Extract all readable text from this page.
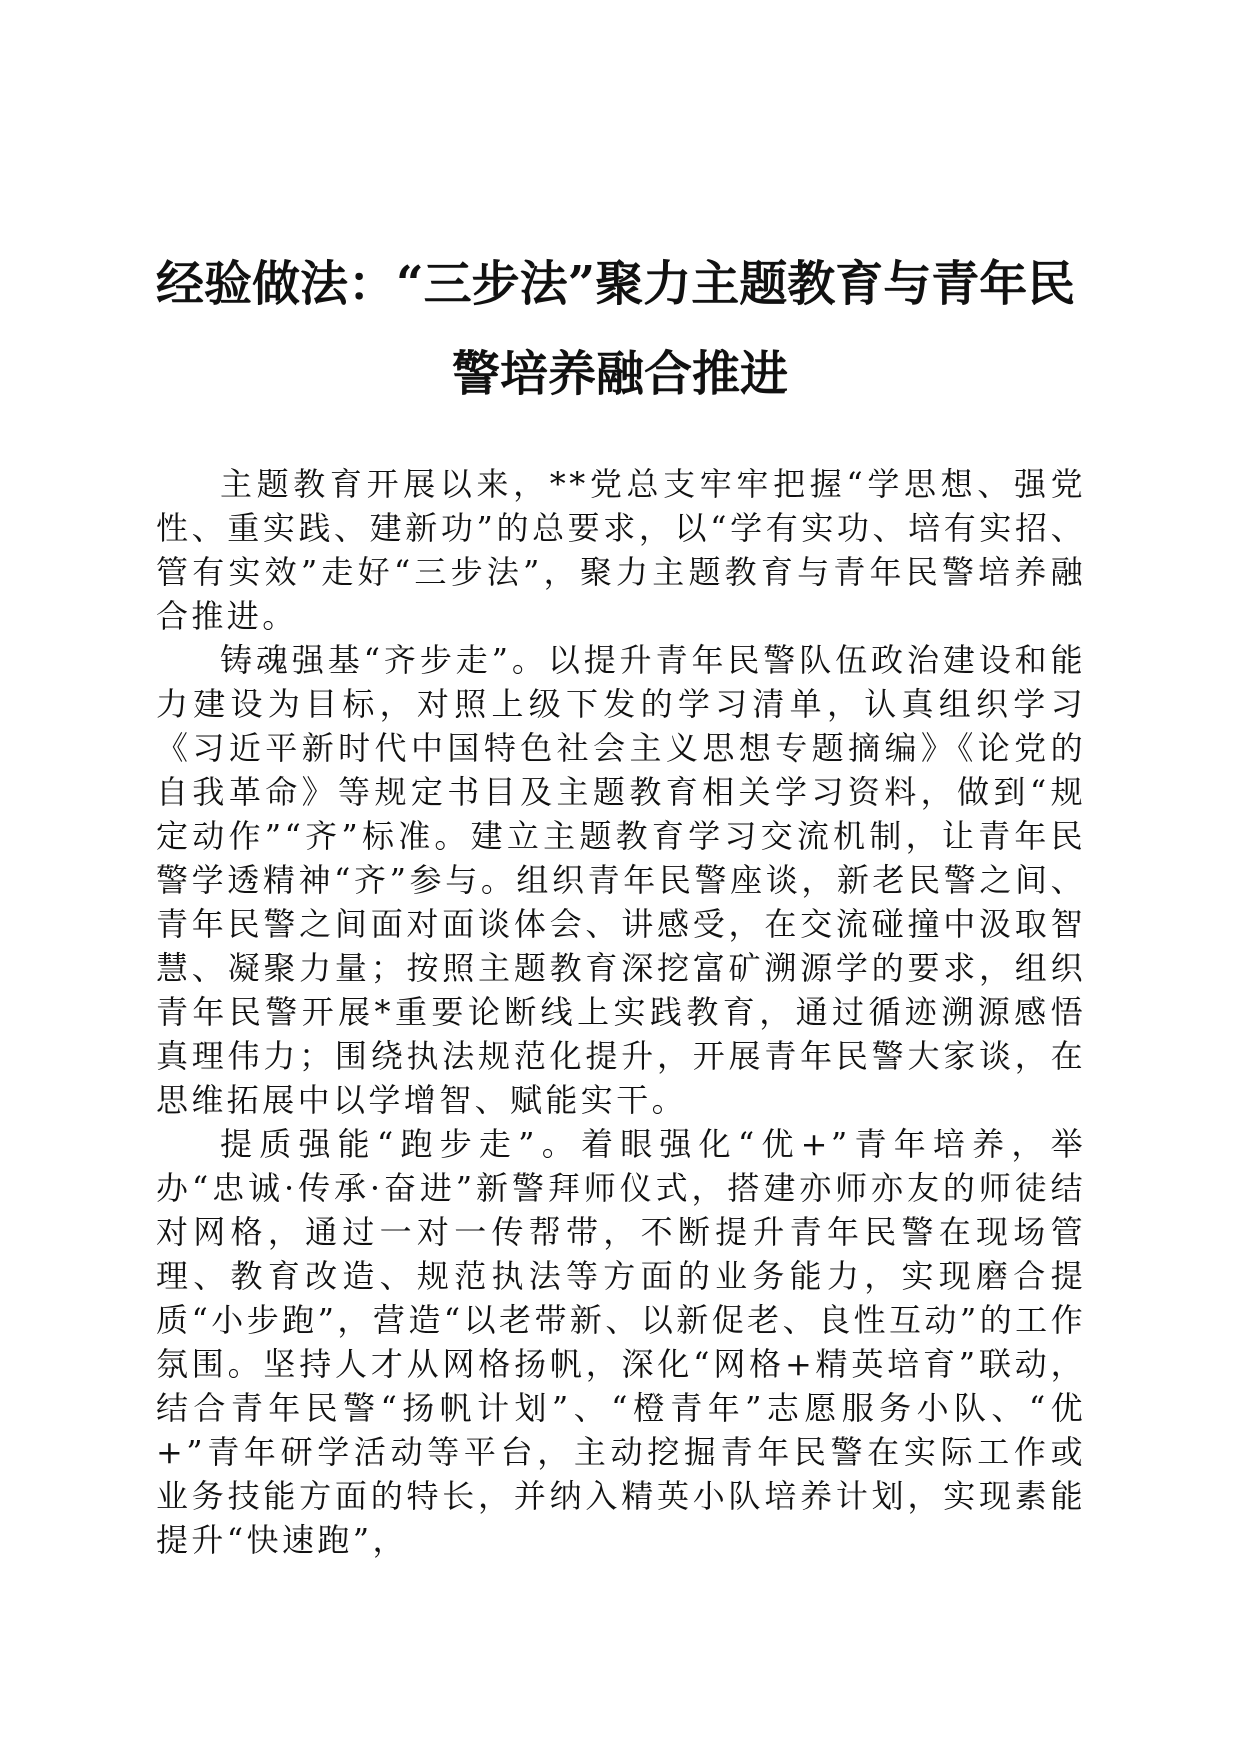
经验做法：“三步法”聚力主题教育与青年民
警培养融合推进

主题教育开展以来，**党总支牢牢把握“学思想、强党性、重实践、建新功”的总要求，以“学有实功、培有实招、管有实效”走好“三步法”，聚力主题教育与青年民警培养融合推进。

铸魂强基“齐步走”。以提升青年民警队伍政治建设和能力建设为目标，对照上级下发的学习清单，认真组织学习《习近平新时代中国特色社会主义思想专题摘编》《论党的自我革命》等规定书目及主题教育相关学习资料，做到“规定动作”“齐”标准。建立主题教育学习交流机制，让青年民警学透精神“齐”参与。组织青年民警座谈，新老民警之间、青年民警之间面对面谈体会、讲感受，在交流碰撞中汲取智慧、凝聚力量；按照主题教育深挖富矿溯源学的要求，组织青年民警开展*重要论断线上实践教育，通过循迹溯源感悟真理伟力；围绕执法规范化提升，开展青年民警大家谈，在思维拓展中以学增智、赋能实干。

提质强能“跑步走”。着眼强化“优+”青年培养，举办“忠诚·传承·奋进”新警拜师仪式，搭建亦师亦友的师徒结对网格，通过一对一传帮带，不断提升青年民警在现场管理、教育改造、规范执法等方面的业务能力，实现磨合提质“小步跑”，营造“以老带新、以新促老、良性互动”的工作氛围。坚持人才从网格扬帆，深化“网格+精英培育”联动，结合青年民警“扬帆计划”、“橙青年”志愿服务小队、“优+”青年研学活动等平台，主动挖掘青年民警在实际工作或业务技能方面的特长，并纳入精英小队培养计划，实现素能提升“快速跑”，
